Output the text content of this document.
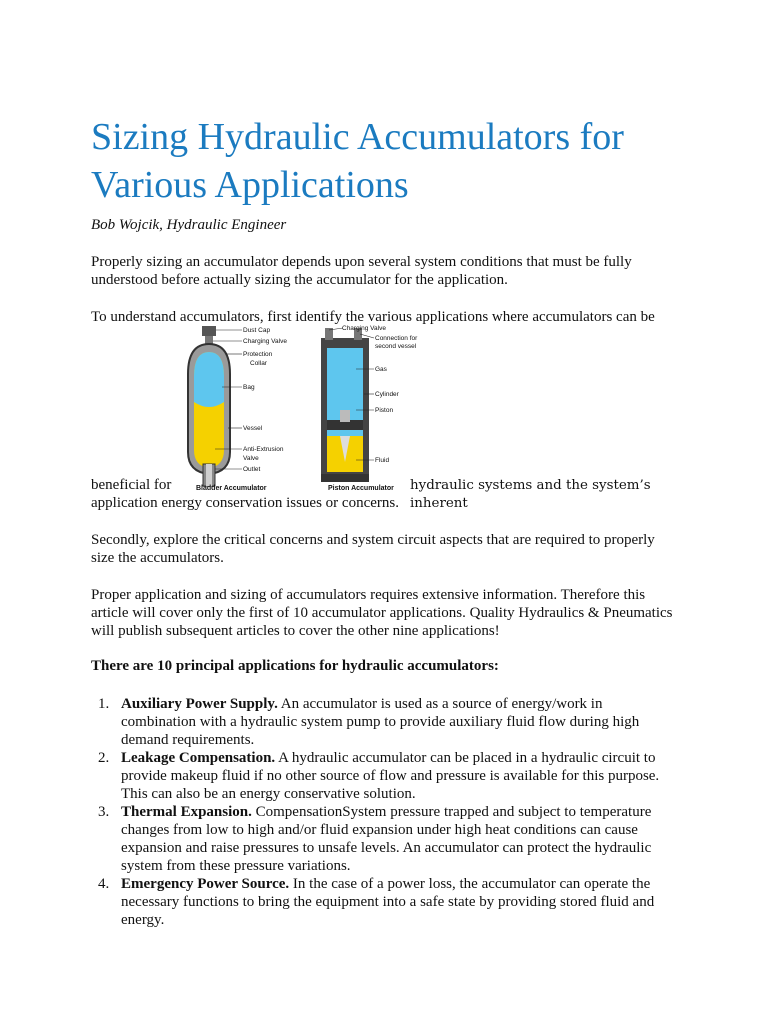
Sizing Hydraulic Accumulators for Various Applications

Bob Wojcik, Hydraulic Engineer

Properly sizing an accumulator depends upon several system conditions that must be fully understood before actually sizing the accumulator for the application.

To understand accumulators, first identify the various applications where accumulators can be

Dust Cap
Charging Valve
Protection
Collar
Bag
Vessel
Anti-Extrusion
Valve
Outlet
Bladder Accumulator
Charging Valve
Connection for
second vessel
Gas
Cylinder
Piston
Fluid
Piston Accumulator
beneficial for	hydraulic systems and the system’s inherent
application energy conservation issues or concerns.

Secondly, explore the critical concerns and system circuit aspects that are required to properly size the accumulators.

Proper application and sizing of accumulators requires extensive information. Therefore this article will cover only the first of 10 accumulator applications. Quality Hydraulics & Pneumatics will publish subsequent articles to cover the other nine applications!

There are 10 principal applications for hydraulic accumulators:

1. Auxiliary Power Supply. An accumulator is used as a source of energy/work in combination with a hydraulic system pump to provide auxiliary fluid flow during high demand requirements.
2. Leakage Compensation. A hydraulic accumulator can be placed in a hydraulic circuit to provide makeup fluid if no other source of flow and pressure is available for this purpose. This can also be an energy conservative solution.
3. Thermal Expansion. CompensationSystem pressure trapped and subject to temperature changes from low to high and/or fluid expansion under high heat conditions can cause expansion and raise pressures to unsafe levels. An accumulator can protect the hydraulic system from these pressure variations.
4. Emergency Power Source. In the case of a power loss, the accumulator can operate the necessary functions to bring the equipment into a safe state by providing stored fluid and energy.
